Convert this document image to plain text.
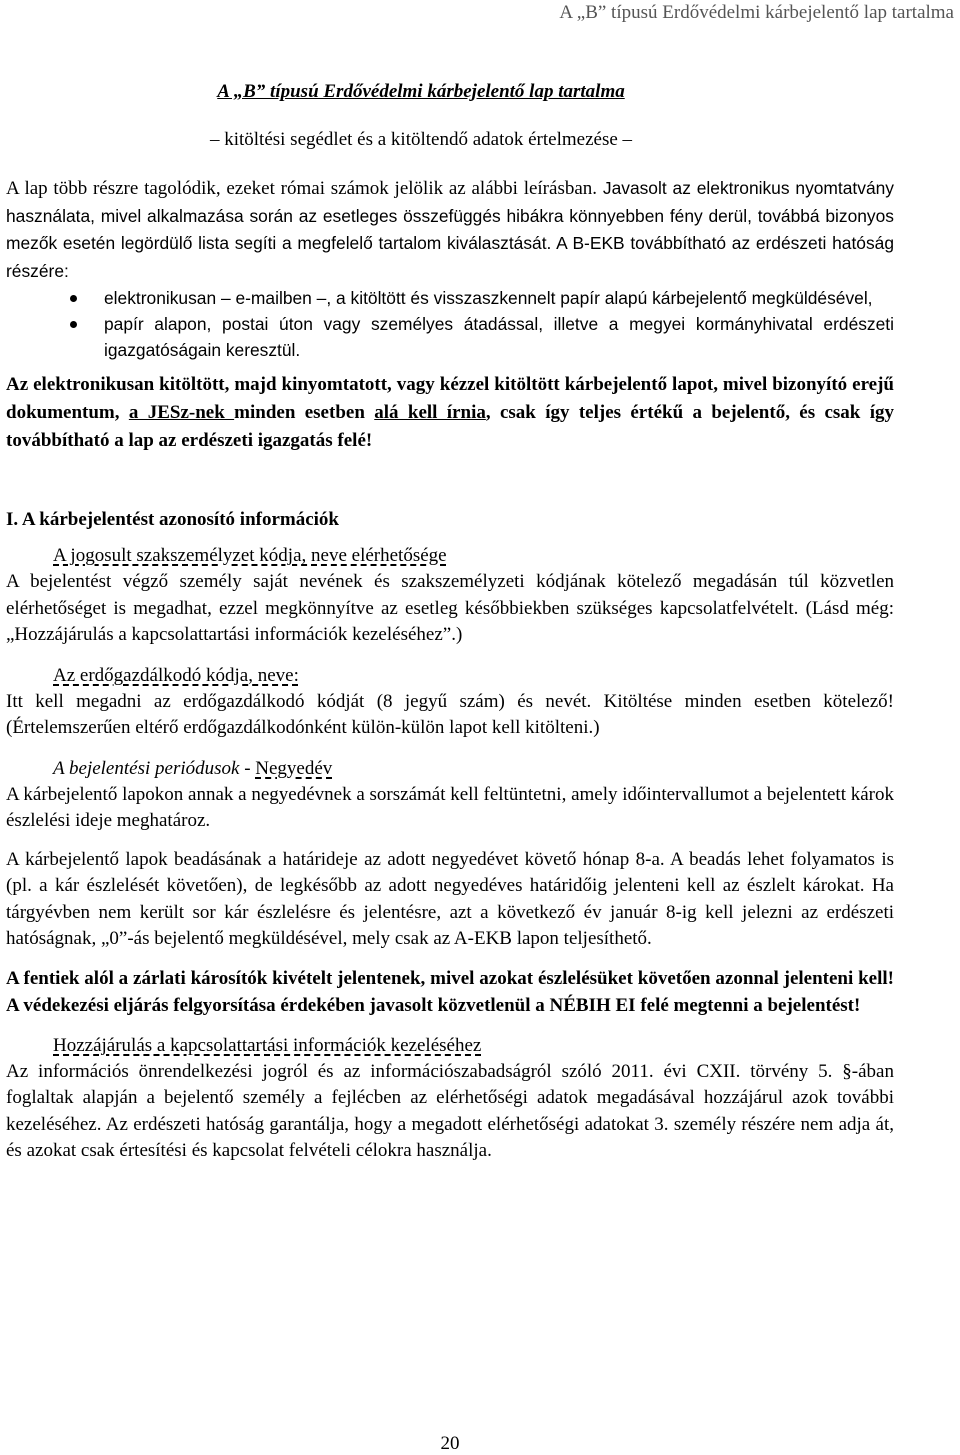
A „B” típusú Erdővédelmi kárbejelentő lap tartalma
A „B” típusú Erdővédelmi kárbejelentő lap tartalma
– kitöltési segédlet és a kitöltendő adatok értelmezése –

A lap több részre tagolódik, ezeket római számok jelölik az alábbi leírásban. Javasolt az elektronikus nyomtatvány használata, mivel alkalmazása során az esetleges összefüggés hibákra könnyebben fény derül, továbbá bizonyos mezők esetén legördülő lista segíti a megfelelő tartalom kiválasztását. A B-EKB továbbítható az erdészeti hatóság részére:

elektronikusan – e-mailben –, a kitöltött és visszaszkennelt papír alapú kárbejelentő megküldésével,
papír alapon, postai úton vagy személyes átadással, illetve a megyei kormányhivatal erdészeti igazgatóságain keresztül.
Az elektronikusan kitöltött, majd kinyomtatott, vagy kézzel kitöltött kárbejelentő lapot, mivel bizonyító erejű dokumentum, a JESz-nek minden esetben alá kell írnia, csak így teljes értékű a bejelentő, és csak így továbbítható a lap az erdészeti igazgatás felé!
I. A kárbejelentést azonosító információk
A jogosult szakszemélyzet kódja, neve elérhetősége

A bejelentést végző személy saját nevének és szakszemélyzeti kódjának kötelező megadásán túl közvetlen elérhetőséget is megadhat, ezzel megkönnyítve az esetleg későbbiekben szükséges kapcsolatfelvételt. (Lásd még: „Hozzájárulás a kapcsolattartási információk kezeléséhez”.)

Az erdőgazdálkodó kódja, neve:

Itt kell megadni az erdőgazdálkodó kódját (8 jegyű szám) és nevét. Kitöltése minden esetben kötelező! (Értelemszerűen eltérő erdőgazdálkodónként külön-külön lapot kell kitölteni.)

A bejelentési periódusok - Negyedév

A kárbejelentő lapokon annak a negyedévnek a sorszámát kell feltüntetni, amely időintervallumot a bejelentett károk észlelési ideje meghatároz.

A kárbejelentő lapok beadásának a határideje az adott negyedévet követő hónap 8-a. A beadás lehet folyamatos is (pl. a kár észlelését követően), de legkésőbb az adott negyedéves határidőig jelenteni kell az észlelt károkat. Ha tárgyévben nem került sor kár észlelésre és jelentésre, azt a következő év január 8-ig kell jelezni az erdészeti hatóságnak, „0”-ás bejelentő megküldésével, mely csak az A-EKB lapon teljesíthető.

A fentiek alól a zárlati károsítók kivételt jelentenek, mivel azokat észlelésüket követően azonnal jelenteni kell! A védekezési eljárás felgyorsítása érdekében javasolt közvetlenül a NÉBIH EI felé megtenni a bejelentést!
Hozzájárulás a kapcsolattartási információk kezeléséhez

Az információs önrendelkezési jogról és az információszabadságról szóló 2011. évi CXII. törvény 5. §-ában foglaltak alapján a bejelentő személy a fejlécben az elérhetőségi adatok megadásával hozzájárul azok további kezeléséhez. Az erdészeti hatóság garantálja, hogy a megadott elérhetőségi adatokat 3. személy részére nem adja át, és azokat csak értesítési és kapcsolat felvételi célokra használja.

20
